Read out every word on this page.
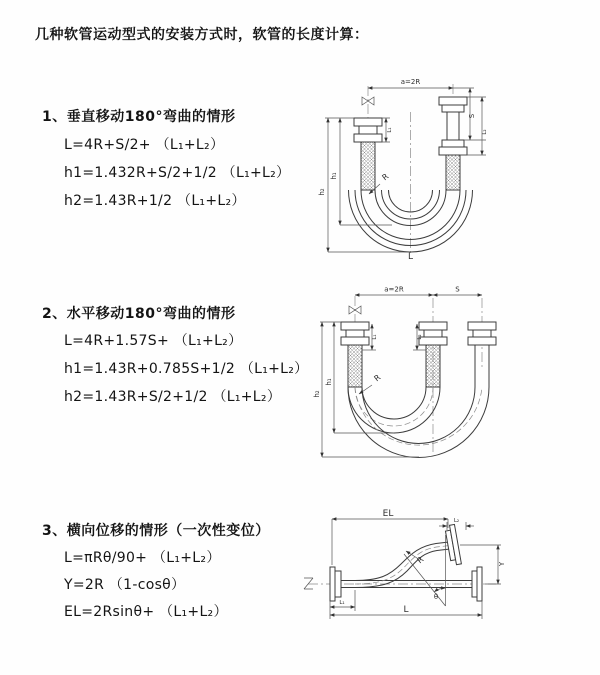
几种软管运动型式的安装方式时，软管的长度计算：
1、垂直移动180°弯曲的情形
L=4R+S/2+ （L₁+L₂）
h1=1.432R+S/2+1/2 （L₁+L₂）
h2=1.43R+1/2 （L₁+L₂）
2、水平移动180°弯曲的情形
L=4R+1.57S+ （L₁+L₂）
h1=1.43R+0.785S+1/2 （L₁+L₂）
h2=1.43R+S/2+1/2 （L₁+L₂）
3、横向位移的情形（一次性变位）
L=πRθ/90+ （L₁+L₂）
Y=2R （1-cosθ）
EL=2Rsinθ+ （L₁+L₂）
a=2R
h₂
h₁
L₁
S
L₂
R
L
a=2R	S
h₂
h₁
L₁	L₂
R
EL
L₂
Y
R
θ
L
L₁
